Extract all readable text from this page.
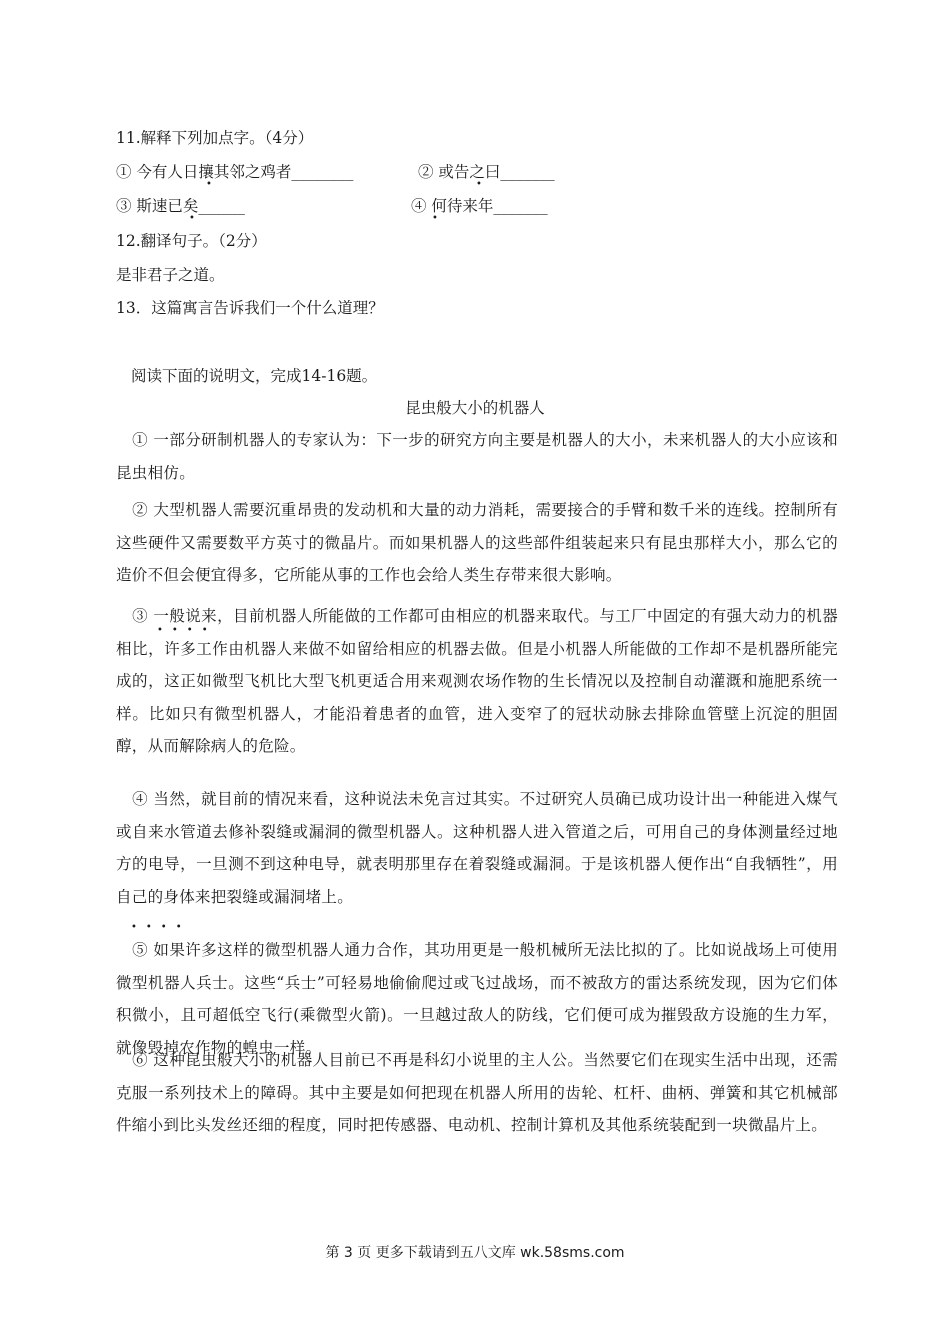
11.解释下列加点字。（4分）
① 今有人日攘其邻之鸡者________
•
② 或告之曰_______
•
③ 斯速已矣______
•
④ 何待来年_______
•
12.翻译句子。（2分）
是非君子之道。
13．这篇寓言告诉我们一个什么道理？
阅读下面的说明文，完成14-16题。
昆虫般大小的机器人
① 一部分研制机器人的专家认为：下一步的研究方向主要是机器人的大小，未来机器人的大小应该和昆虫相仿。
② 大型机器人需要沉重昂贵的发动机和大量的动力消耗，需要接合的手臂和数千米的连线。控制所有这些硬件又需要数平方英寸的微晶片。而如果机器人的这些部件组装起来只有昆虫那样大小，那么它的造价不但会便宜得多，它所能从事的工作也会给人类生存带来很大影响。
③ 一般说来，目前机器人所能做的工作都可由相应的机器来取代。与工厂中固定的有强大动力的机器相比，许多工作由机器人来做不如留给相应的机器去做。但是小机器人所能做的工作却不是机器所能完成的，这正如微型飞机比大型飞机更适合用来观测农场作物的生长情况以及控制自动灌溉和施肥系统一样。比如只有微型机器人，才能沿着患者的血管，进入变窄了的冠状动脉去排除血管壁上沉淀的胆固醇，从而解除病人的危险。
••••
④ 当然，就目前的情况来看，这种说法未免言过其实。不过研究人员确已成功设计出一种能进入煤气或自来水管道去修补裂缝或漏洞的微型机器人。这种机器人进入管道之后，可用自己的身体测量经过地方的电导，一旦测不到这种电导，就表明那里存在着裂缝或漏洞。于是该机器人便作出“自我牺牲”，用自己的身体来把裂缝或漏洞堵上。
••••
⑤ 如果许多这样的微型机器人通力合作，其功用更是一般机械所无法比拟的了。比如说战场上可使用微型机器人兵士。这些“兵士”可轻易地偷偷爬过或飞过战场，而不被敌方的雷达系统发现，因为它们体积微小，且可超低空飞行(乘微型火箭)。一旦越过敌人的防线，它们便可成为摧毁敌方设施的生力军，就像毁掉农作物的蝗虫一样。
⑥ 这种昆虫般大小的机器人目前已不再是科幻小说里的主人公。当然要它们在现实生活中出现，还需克服一系列技术上的障碍。其中主要是如何把现在机器人所用的齿轮、杠杆、曲柄、弹簧和其它机械部件缩小到比头发丝还细的程度，同时把传感器、电动机、控制计算机及其他系统装配到一块微晶片上。
第 3 页 更多下载请到五八文库 wk.58sms.com
